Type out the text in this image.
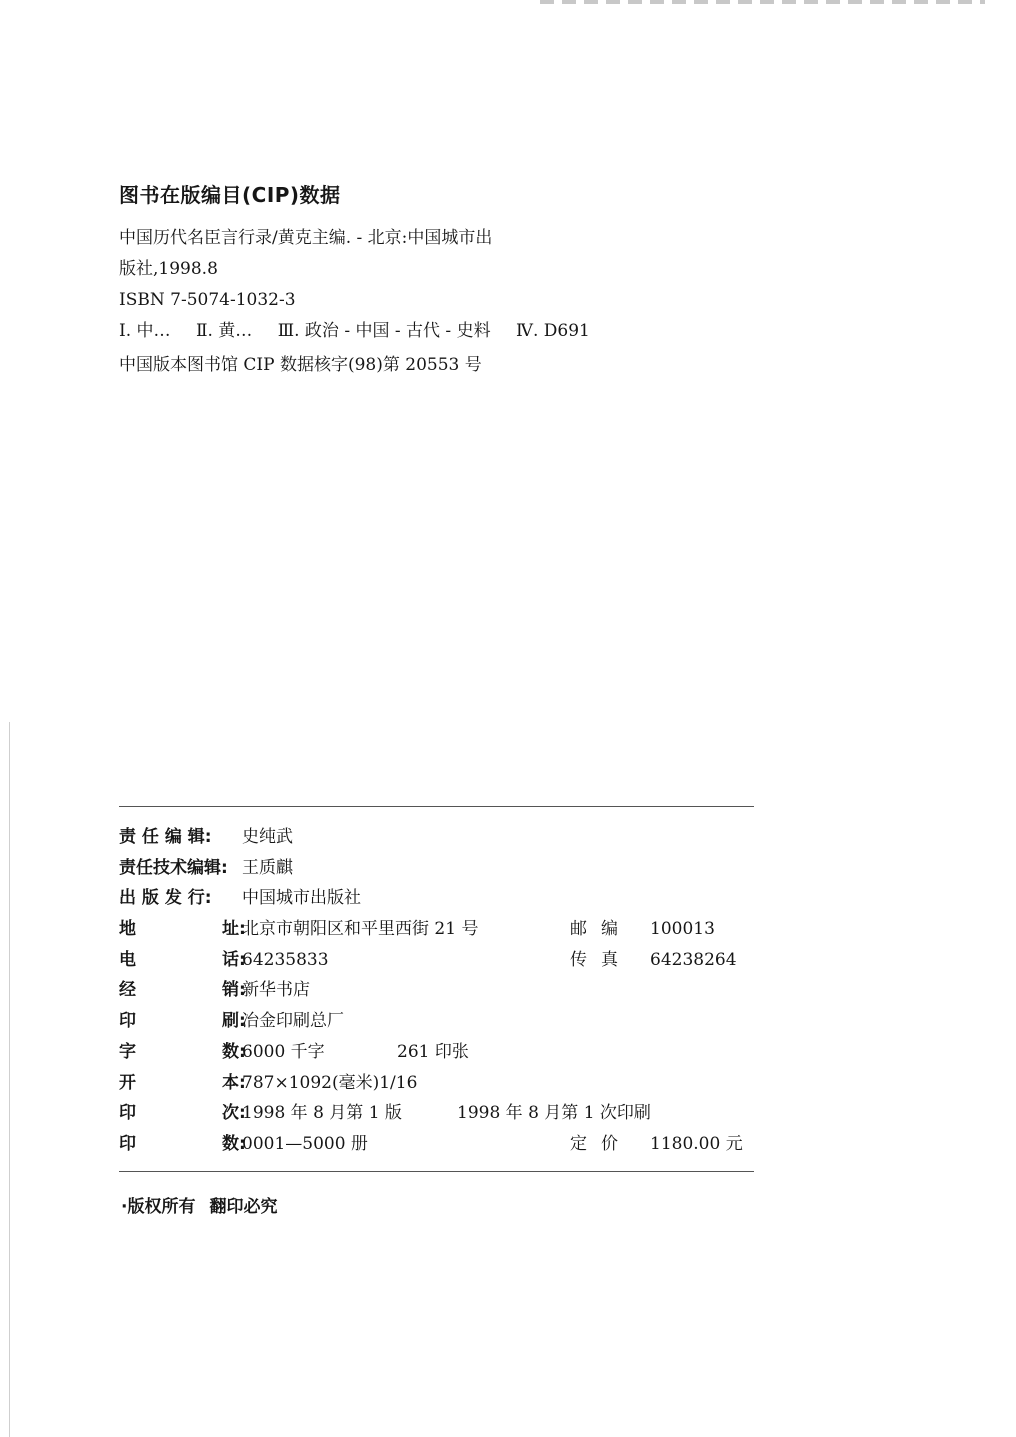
图书在版编目(CIP)数据
中国历代名臣言行录/黄克主编. - 北京:中国城市出
版社,1998.8
ISBN 7-5074-1032-3
Ⅰ. 中… Ⅱ. 黄… Ⅲ. 政治 - 中国 - 古代 - 史料 Ⅳ. D691
中国版本图书馆 CIP 数据核字(98)第 20553 号
责 任 编 辑: 史纯武
责任技术编辑: 王质麒
出 版 发 行: 中国城市出版社
地	址:
北京市朝阳区和平里西街 21 号	邮编 100013
电	话:
64235833	传真 64238264
经	销:
新华书店
印	刷:
冶金印刷总厂
字	数:
6000 千字	261 印张
开	本:
787×1092(毫米)1/16
印	次:
1998 年 8 月第 1 版	1998 年 8 月第 1 次印刷
印	数:
0001—5000 册	定价 1180.00 元
·版权所有 翻印必究
